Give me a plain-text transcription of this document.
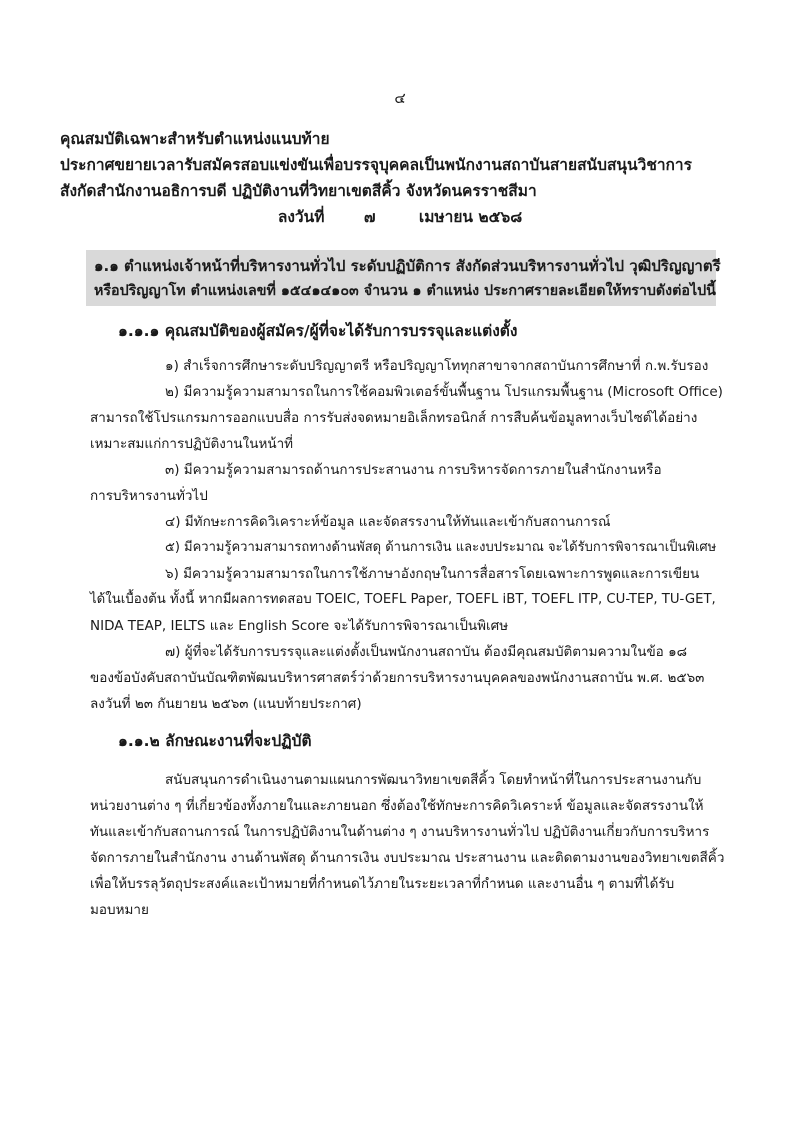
๔
คุณสมบัติเฉพาะสำหรับตำแหน่งแนบท้าย
ประกาศขยายเวลารับสมัครสอบแข่งขันเพื่อบรรจุบุคคลเป็นพนักงานสถาบันสายสนับสนุนวิชาการ
สังกัดสำนักงานอธิการบดี ปฏิบัติงานที่วิทยาเขตสีคิ้ว จังหวัดนครราชสีมา
ลงวันที่	๗	เมษายน ๒๕๖๘
๑.๑ ตำแหน่งเจ้าหน้าที่บริหารงานทั่วไป ระดับปฏิบัติการ สังกัดส่วนบริหารงานทั่วไป วุฒิปริญญาตรี
หรือปริญญาโท ตำแหน่งเลขที่ ๑๕๔๑๔๑๐๓ จำนวน ๑ ตำแหน่ง ประกาศรายละเอียดให้ทราบดังต่อไปนี้
๑.๑.๑ คุณสมบัติของผู้สมัคร/ผู้ที่จะได้รับการบรรจุและแต่งตั้ง
๑) สำเร็จการศึกษาระดับปริญญาตรี หรือปริญญาโททุกสาขาจากสถาบันการศึกษาที่ ก.พ.รับรอง
๒) มีความรู้ความสามารถในการใช้คอมพิวเตอร์ขั้นพื้นฐาน โปรแกรมพื้นฐาน (Microsoft Office)
สามารถใช้โปรแกรมการออกแบบสื่อ การรับส่งจดหมายอิเล็กทรอนิกส์ การสืบค้นข้อมูลทางเว็บไซต์ได้อย่าง
เหมาะสมแก่การปฏิบัติงานในหน้าที่
๓) มีความรู้ความสามารถด้านการประสานงาน การบริหารจัดการภายในสำนักงานหรือ
การบริหารงานทั่วไป
๔) มีทักษะการคิดวิเคราะห์ข้อมูล และจัดสรรงานให้ทันและเข้ากับสถานการณ์
๕) มีความรู้ความสามารถทางด้านพัสดุ ด้านการเงิน และงบประมาณ จะได้รับการพิจารณาเป็นพิเศษ
๖) มีความรู้ความสามารถในการใช้ภาษาอังกฤษในการสื่อสารโดยเฉพาะการพูดและการเขียน
ได้ในเบื้องต้น ทั้งนี้ หากมีผลการทดสอบ TOEIC, TOEFL Paper, TOEFL iBT, TOEFL ITP, CU-TEP, TU-GET,
NIDA TEAP, IELTS และ English Score จะได้รับการพิจารณาเป็นพิเศษ
๗) ผู้ที่จะได้รับการบรรจุและแต่งตั้งเป็นพนักงานสถาบัน ต้องมีคุณสมบัติตามความในข้อ ๑๘
ของข้อบังคับสถาบันบัณฑิตพัฒนบริหารศาสตร์ว่าด้วยการบริหารงานบุคคลของพนักงานสถาบัน พ.ศ. ๒๕๖๓
ลงวันที่ ๒๓ กันยายน ๒๕๖๓ (แนบท้ายประกาศ)
๑.๑.๒ ลักษณะงานที่จะปฏิบัติ
สนับสนุนการดำเนินงานตามแผนการพัฒนาวิทยาเขตสีคิ้ว โดยทำหน้าที่ในการประสานงานกับ
หน่วยงานต่าง ๆ ที่เกี่ยวข้องทั้งภายในและภายนอก ซึ่งต้องใช้ทักษะการคิดวิเคราะห์ ข้อมูลและจัดสรรงานให้
ทันและเข้ากับสถานการณ์ ในการปฏิบัติงานในด้านต่าง ๆ งานบริหารงานทั่วไป ปฏิบัติงานเกี่ยวกับการบริหาร
จัดการภายในสำนักงาน งานด้านพัสดุ ด้านการเงิน งบประมาณ ประสานงาน และติดตามงานของวิทยาเขตสีคิ้ว
เพื่อให้บรรลุวัตถุประสงค์และเป้าหมายที่กำหนดไว้ภายในระยะเวลาที่กำหนด และงานอื่น ๆ ตามที่ได้รับ
มอบหมาย
